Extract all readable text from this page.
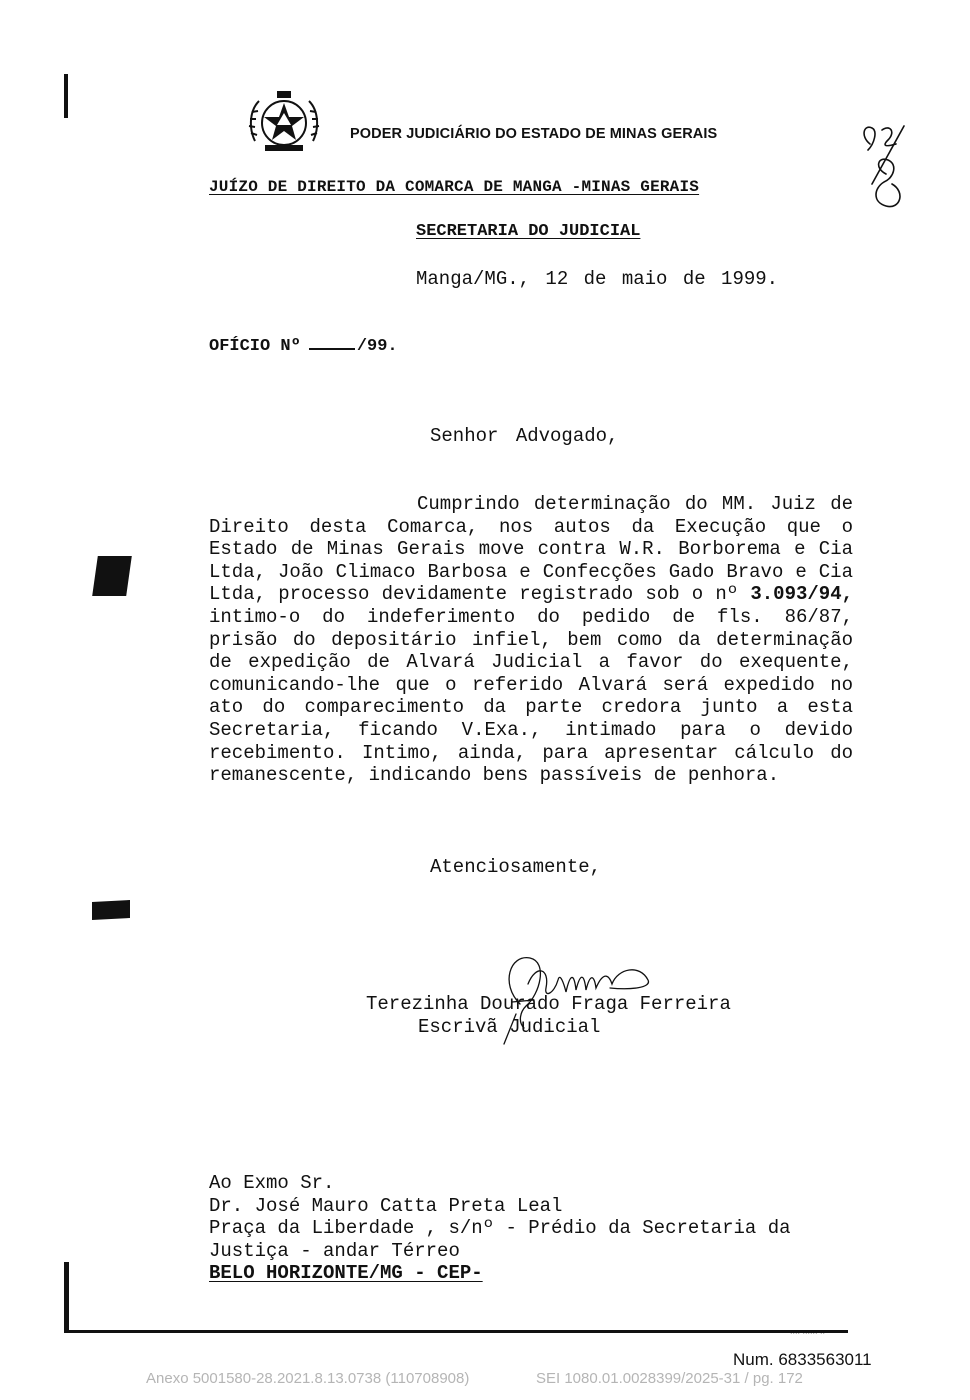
.... ...... ..
PODER JUDICIÁRIO DO ESTADO DE MINAS GERAIS
JUÍZO DE DIREITO DA COMARCA DE MANGA -MINAS GERAIS
SECRETARIA DO JUDICIAL
Manga/MG., 12 de maio de 1999.
OFÍCIO Nº	/99.
Senhor Advogado,
Cumprindo determinação do MM. Juiz de Direito desta Comarca, nos autos da Execução que o Estado de Minas Gerais move contra W.R. Borborema e Cia Ltda, João Climaco Barbosa e Confecções Gado Bravo e Cia Ltda, processo devidamente registrado sob o nº 3.093/94, intimo-o do indeferimento do pedido de fls. 86/87, prisão do depositário infiel, bem como da determinação de expedição de Alvará Judicial a favor do exequente, comunicando-lhe que o referido Alvará será expedido no ato do comparecimento da parte credora junto a esta Secretaria, ficando V.Exa., intimado para o devido recebimento. Intimo, ainda, para apresentar cálculo do remanescente, indicando bens passíveis de penhora.
Atenciosamente,
Terezinha Dourado Fraga Ferreira
Escrivã Judicial
Ao Exmo Sr.
Dr. José Mauro Catta Preta Leal
Praça da Liberdade , s/nº - Prédio da Secretaria da
Justiça - andar Térreo
BELO HORIZONTE/MG - CEP-
Num. 6833563011
Anexo 5001580-28.2021.8.13.0738 (110708908)	SEI 1080.01.0028399/2025-31 / pg. 172
